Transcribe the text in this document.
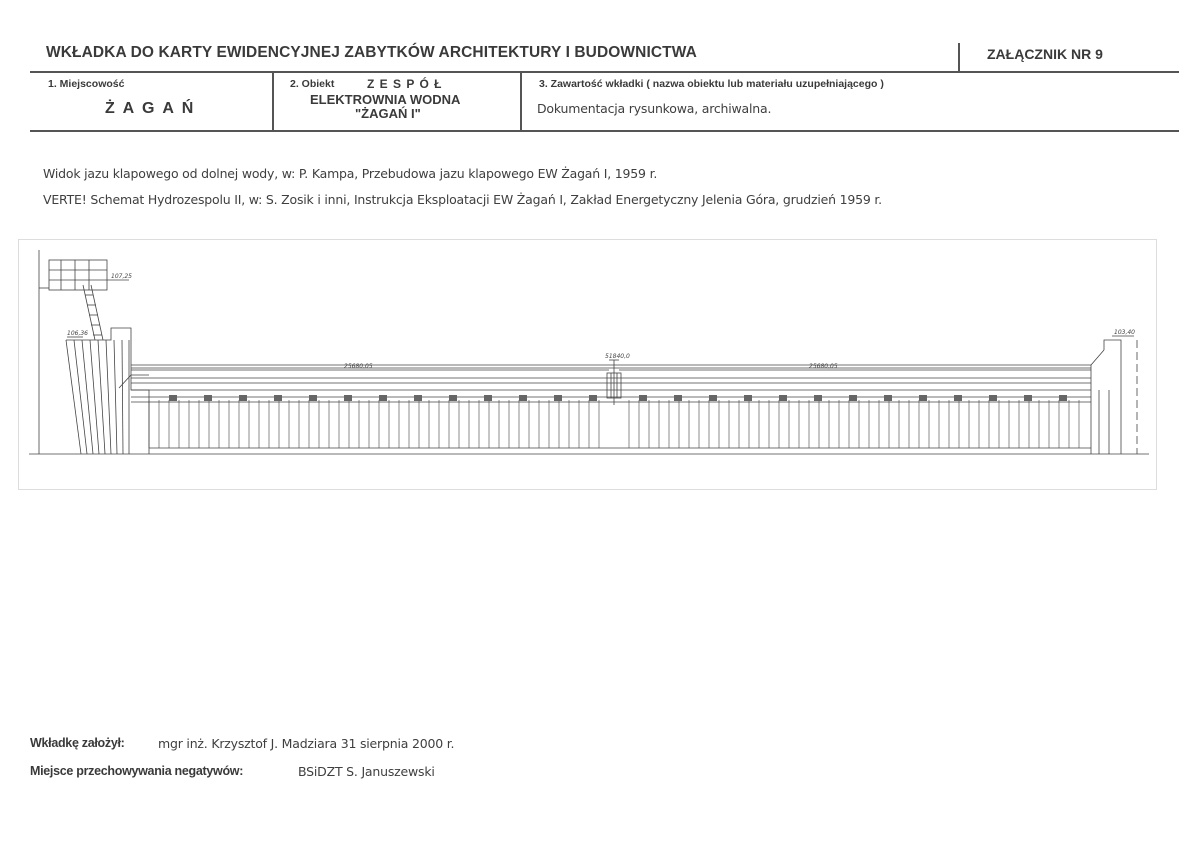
WKŁADKA DO KARTY EWIDENCYJNEJ ZABYTKÓW ARCHITEKTURY I BUDOWNICTWA	ZAŁĄCZNIK NR 9
1. Miejscowość
Ż A G A Ń
2. Obiekt	Z E S P Ó Ł
ELEKTROWNIA WODNA
"ŻAGAŃ I"
3. Zawartość wkładki ( nazwa obiektu lub materiału uzupełniającego )
Dokumentacja rysunkowa, archiwalna.
Widok jazu klapowego od dolnej wody, w: P. Kampa, Przebudowa jazu klapowego EW Żagań I, 1959 r.
VERTE! Schemat Hydrozespolu II, w: S. Zosik i inni, Instrukcja Eksploatacji EW Żagań I, Zakład Energetyczny Jelenia Góra, grudzień 1959 r.
107,25
106,36
25680,05
51840,0
25680,05
103,40
Wkładkę założył:	mgr inż. Krzysztof J. Madziara 31 sierpnia 2000 r.
Miejsce przechowywania negatywów:	BSiDZT S. Januszewski
